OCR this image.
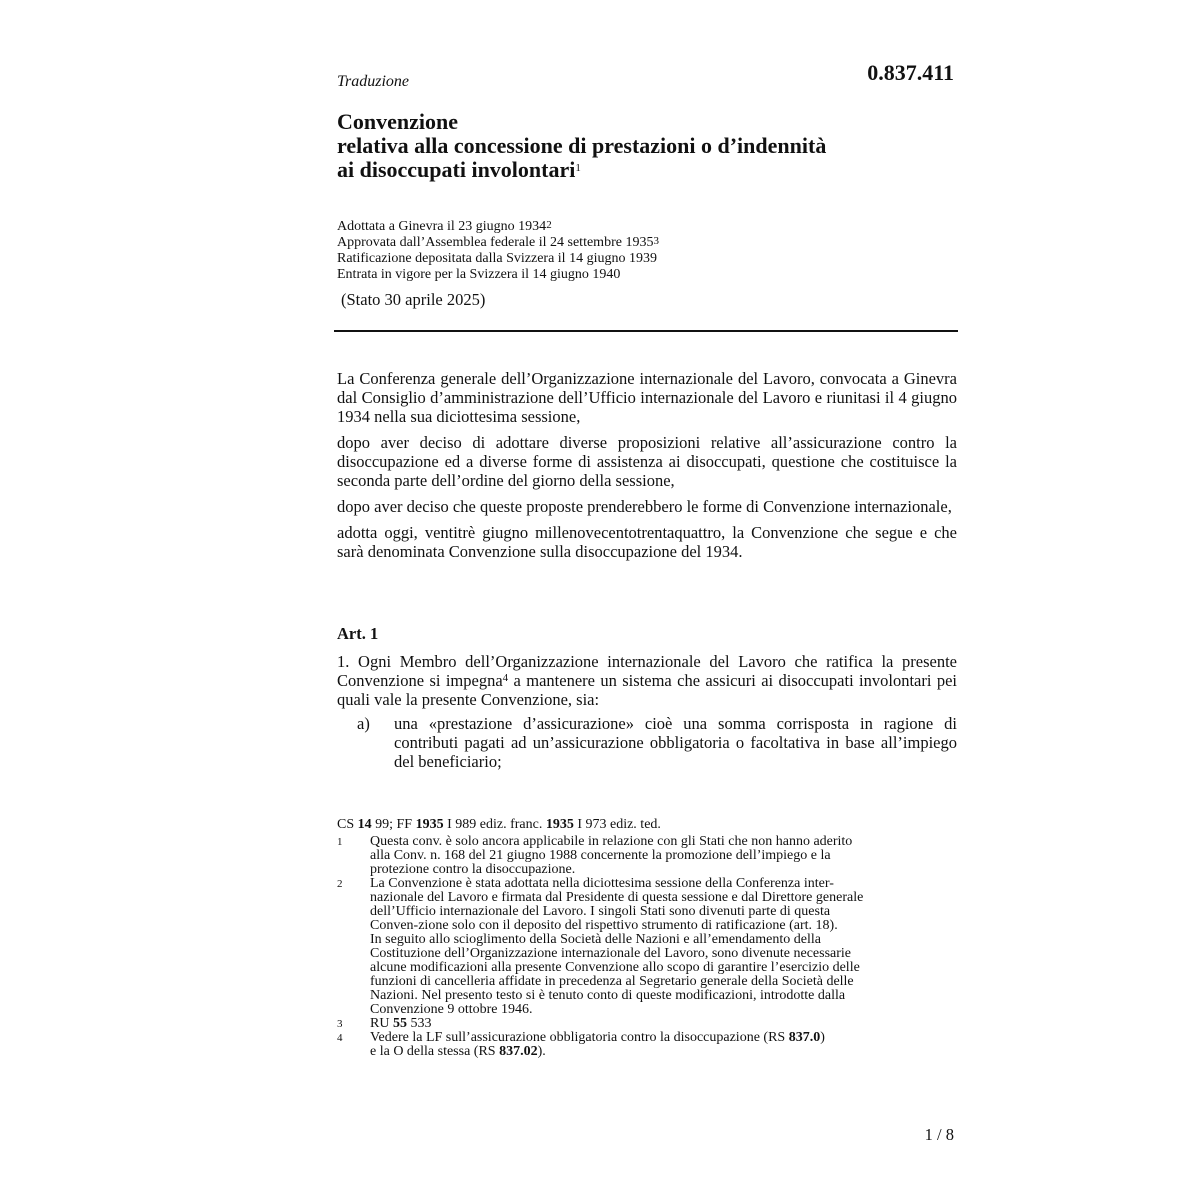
Traduzione	0.837.411
Convenzione
relativa alla concessione di prestazioni o d’indennità
ai disoccupati involontari$^1$
Adottata a Ginevra il 23 giugno 1934$^2$
Approvata dall’Assemblea federale il 24 settembre 1935$^3$
Ratificazione depositata dalla Svizzera il 14 giugno 1939
Entrata in vigore per la Svizzera il 14 giugno 1940
(Stato 30 aprile 2025)

La Conferenza generale dell’Organizzazione internazionale del Lavoro, convocata a Ginevra dal Consiglio d’amministrazione dell’Ufficio internazionale del Lavoro e riunitasi il 4 giugno 1934 nella sua diciottesima sessione,

dopo aver deciso di adottare diverse proposizioni relative all’assicurazione contro la disoccupazione ed a diverse forme di assistenza ai disoccupati, questione che costituisce la seconda parte dell’ordine del giorno della sessione,

dopo aver deciso che queste proposte prenderebbero le forme di Convenzione internazionale,

adotta oggi, ventitrè giugno millenovecentotrentaquattro, la Convenzione che segue e che sarà denominata Convenzione sulla disoccupazione del 1934.

Art. 1

1. Ogni Membro dell’Organizzazione internazionale del Lavoro che ratifica la presente Convenzione si impegna$^4$ a mantenere un sistema che assicuri ai disoccupati involontari pei quali vale la presente Convenzione, sia:

a) una «prestazione d’assicurazione» cioè una somma corrisposta in ragione di contributi pagati ad un’assicurazione obbligatoria o facoltativa in base all’impiego del beneficiario;
CS 14 99; FF 1935 I 989 ediz. franc. 1935 I 973 ediz. ted.
1 Questa conv. è solo ancora applicabile in relazione con gli Stati che non hanno aderito
alla Conv. n. 168 del 21 giugno 1988 concernente la promozione dell’impiego e la
protezione contro la disoccupazione.
2 La Convenzione è stata adottata nella diciottesima sessione della Conferenza inter-
nazionale del Lavoro e firmata dal Presidente di questa sessione e dal Direttore generale
dell’Ufficio internazionale del Lavoro. I singoli Stati sono divenuti parte di questa
Conven-zione solo con il deposito del rispettivo strumento di ratificazione (art. 18).
In seguito allo scioglimento della Società delle Nazioni e all’emendamento della
Costituzione dell’Organizzazione internazionale del Lavoro, sono divenute necessarie
alcune modificazioni alla presente Convenzione allo scopo di garantire l’esercizio delle
funzioni di cancelleria affidate in precedenza al Segretario generale della Società delle
Nazioni. Nel presento testo si è tenuto conto di queste modificazioni, introdotte dalla
Convenzione 9 ottobre 1946.
3 RU 55 533
4 Vedere la LF sull’assicurazione obbligatoria contro la disoccupazione (RS 837.0)
e la O della stessa (RS 837.02).
1 / 8
